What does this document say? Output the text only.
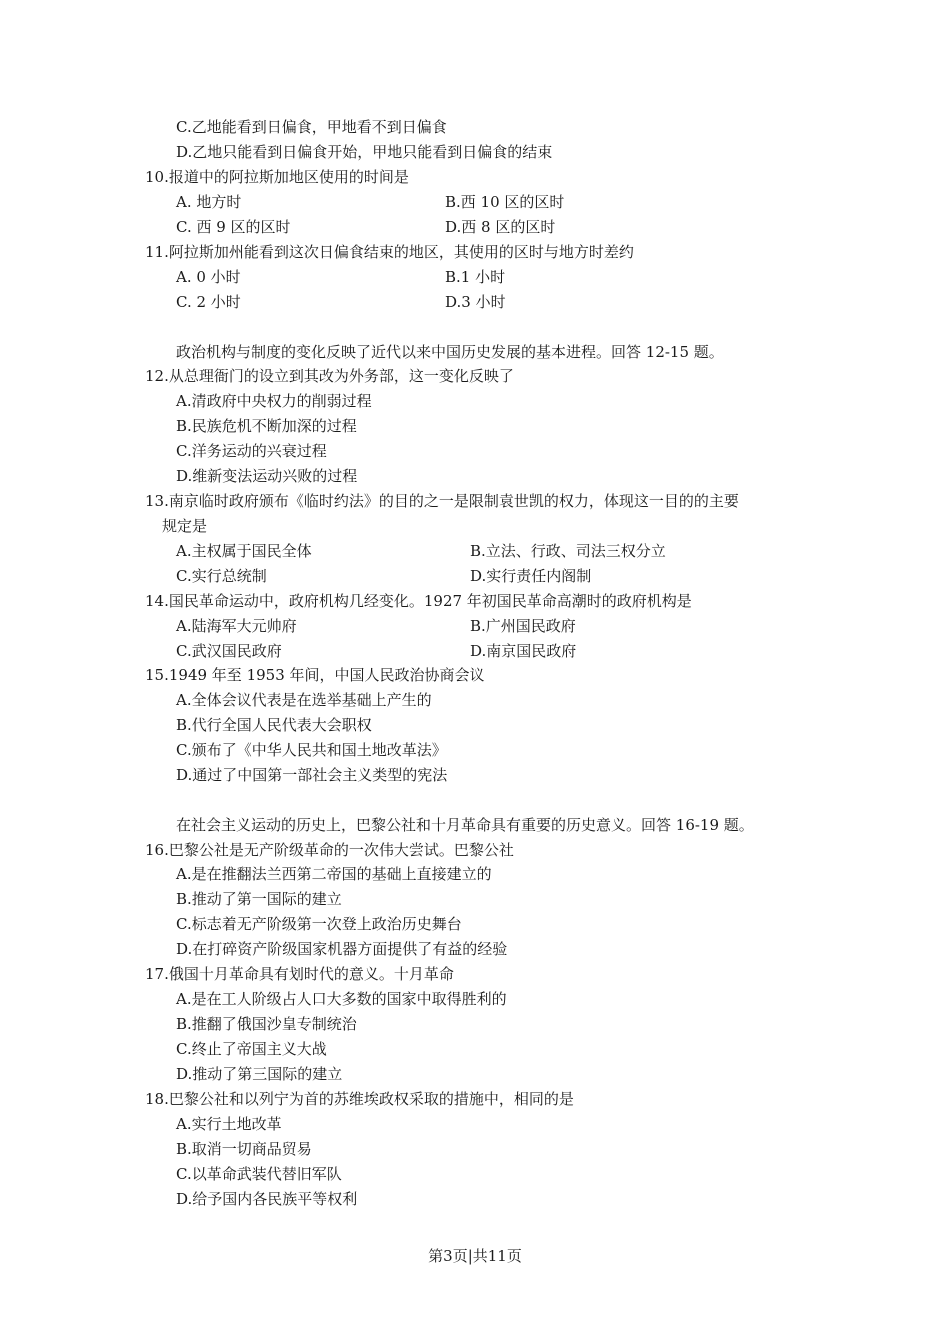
C.乙地能看到日偏食，甲地看不到日偏食
D.乙地只能看到日偏食开始，甲地只能看到日偏食的结束
10.报道中的阿拉斯加地区使用的时间是
A. 地方时	B.西 10 区的区时
C. 西 9 区的区时	D.西 8 区的区时
11.阿拉斯加州能看到这次日偏食结束的地区，其使用的区时与地方时差约
A. 0 小时	B.1 小时
C. 2 小时	D.3 小时
政治机构与制度的变化反映了近代以来中国历史发展的基本进程。回答 12-15 题。
12.从总理衙门的设立到其改为外务部，这一变化反映了
A.清政府中央权力的削弱过程
B.民族危机不断加深的过程
C.洋务运动的兴衰过程
D.维新变法运动兴败的过程
13.南京临时政府颁布《临时约法》的目的之一是限制袁世凯的权力，体现这一目的的主要
规定是
A.主权属于国民全体	B.立法、行政、司法三权分立
C.实行总统制	D.实行责任内阁制
14.国民革命运动中，政府机构几经变化。1927 年初国民革命高潮时的政府机构是
A.陆海军大元帅府	B.广州国民政府
C.武汉国民政府	D.南京国民政府
15.1949 年至 1953 年间，中国人民政治协商会议
A.全体会议代表是在选举基础上产生的
B.代行全国人民代表大会职权
C.颁布了《中华人民共和国土地改革法》
D.通过了中国第一部社会主义类型的宪法
在社会主义运动的历史上，巴黎公社和十月革命具有重要的历史意义。回答 16-19 题。
16.巴黎公社是无产阶级革命的一次伟大尝试。巴黎公社
A.是在推翻法兰西第二帝国的基础上直接建立的
B.推动了第一国际的建立
C.标志着无产阶级第一次登上政治历史舞台
D.在打碎资产阶级国家机器方面提供了有益的经验
17.俄国十月革命具有划时代的意义。十月革命
A.是在工人阶级占人口大多数的国家中取得胜利的
B.推翻了俄国沙皇专制统治
C.终止了帝国主义大战
D.推动了第三国际的建立
18.巴黎公社和以列宁为首的苏维埃政权采取的措施中，相同的是
A.实行土地改革
B.取消一切商品贸易
C.以革命武装代替旧军队
D.给予国内各民族平等权利
第3页|共11页
